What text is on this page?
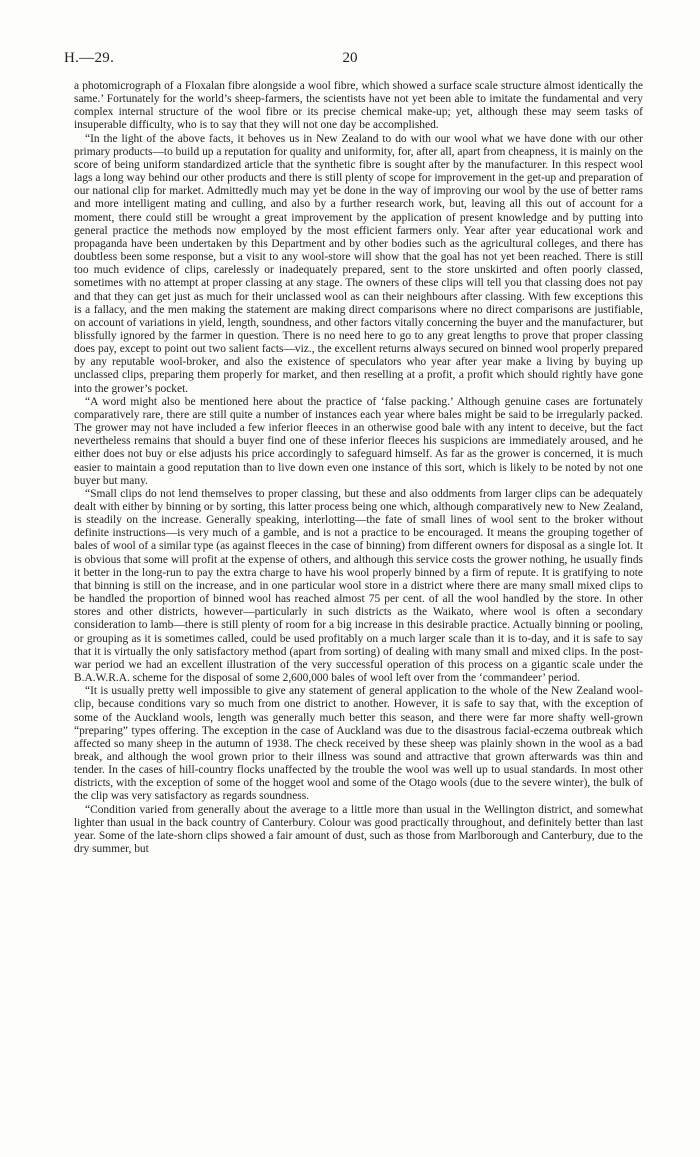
H.—29.	20

a photomicrograph of a Floxalan fibre alongside a wool fibre, which showed a surface scale structure almost identically the same.’ Fortunately for the world’s sheep-farmers, the scientists have not yet been able to imitate the fundamental and very complex internal structure of the wool fibre or its precise chemical make-up; yet, although these may seem tasks of insuperable difficulty, who is to say that they will not one day be accomplished.

“In the light of the above facts, it behoves us in New Zealand to do with our wool what we have done with our other primary products—to build up a reputation for quality and uniformity, for, after all, apart from cheapness, it is mainly on the score of being uniform standardized article that the synthetic fibre is sought after by the manufacturer. In this respect wool lags a long way behind our other products and there is still plenty of scope for improvement in the get-up and preparation of our national clip for market. Admittedly much may yet be done in the way of improving our wool by the use of better rams and more intelligent mating and culling, and also by a further research work, but, leaving all this out of account for a moment, there could still be wrought a great improvement by the application of present knowledge and by putting into general practice the methods now employed by the most efficient farmers only. Year after year educational work and propaganda have been undertaken by this Department and by other bodies such as the agricultural colleges, and there has doubtless been some response, but a visit to any wool-store will show that the goal has not yet been reached. There is still too much evidence of clips, carelessly or inadequately prepared, sent to the store unskirted and often poorly classed, sometimes with no attempt at proper classing at any stage. The owners of these clips will tell you that classing does not pay and that they can get just as much for their unclassed wool as can their neighbours after classing. With few exceptions this is a fallacy, and the men making the statement are making direct comparisons where no direct comparisons are justifiable, on account of variations in yield, length, soundness, and other factors vitally concerning the buyer and the manufacturer, but blissfully ignored by the farmer in question. There is no need here to go to any great lengths to prove that proper classing does pay, except to point out two salient facts—viz., the excellent returns always secured on binned wool properly prepared by any reputable wool-broker, and also the existence of speculators who year after year make a living by buying up unclassed clips, preparing them properly for market, and then reselling at a profit, a profit which should rightly have gone into the grower’s pocket.

“A word might also be mentioned here about the practice of ‘false packing.’ Although genuine cases are fortunately comparatively rare, there are still quite a number of instances each year where bales might be said to be irregularly packed. The grower may not have included a few inferior fleeces in an otherwise good bale with any intent to deceive, but the fact nevertheless remains that should a buyer find one of these inferior fleeces his suspicions are immediately aroused, and he either does not buy or else adjusts his price accordingly to safeguard himself. As far as the grower is concerned, it is much easier to maintain a good reputation than to live down even one instance of this sort, which is likely to be noted by not one buyer but many.

“Small clips do not lend themselves to proper classing, but these and also oddments from larger clips can be adequately dealt with either by binning or by sorting, this latter process being one which, although comparatively new to New Zealand, is steadily on the increase. Generally speaking, interlotting—the fate of small lines of wool sent to the broker without definite instructions—is very much of a gamble, and is not a practice to be encouraged. It means the grouping together of bales of wool of a similar type (as against fleeces in the case of binning) from different owners for disposal as a single lot. It is obvious that some will profit at the expense of others, and although this service costs the grower nothing, he usually finds it better in the long-run to pay the extra charge to have his wool properly binned by a firm of repute. It is gratifying to note that binning is still on the increase, and in one particular wool store in a district where there are many small mixed clips to be handled the proportion of binned wool has reached almost 75 per cent. of all the wool handled by the store. In other stores and other districts, however—particularly in such districts as the Waikato, where wool is often a secondary consideration to lamb—there is still plenty of room for a big increase in this desirable practice. Actually binning or pooling, or grouping as it is sometimes called, could be used profitably on a much larger scale than it is to-day, and it is safe to say that it is virtually the only satisfactory method (apart from sorting) of dealing with many small and mixed clips. In the post-war period we had an excellent illustration of the very successful operation of this process on a gigantic scale under the B.A.W.R.A. scheme for the disposal of some 2,600,000 bales of wool left over from the ‘commandeer’ period.

“It is usually pretty well impossible to give any statement of general application to the whole of the New Zealand wool-clip, because conditions vary so much from one district to another. However, it is safe to say that, with the exception of some of the Auckland wools, length was generally much better this season, and there were far more shafty well-grown “preparing” types offering. The exception in the case of Auckland was due to the disastrous facial-eczema outbreak which affected so many sheep in the autumn of 1938. The check received by these sheep was plainly shown in the wool as a bad break, and although the wool grown prior to their illness was sound and attractive that grown afterwards was thin and tender. In the cases of hill-country flocks unaffected by the trouble the wool was well up to usual standards. In most other districts, with the exception of some of the hogget wool and some of the Otago wools (due to the severe winter), the bulk of the clip was very satisfactory as regards soundness.

“Condition varied from generally about the average to a little more than usual in the Wellington district, and somewhat lighter than usual in the back country of Canterbury. Colour was good practically throughout, and definitely better than last year. Some of the late-shorn clips showed a fair amount of dust, such as those from Marlborough and Canterbury, due to the dry summer, but
